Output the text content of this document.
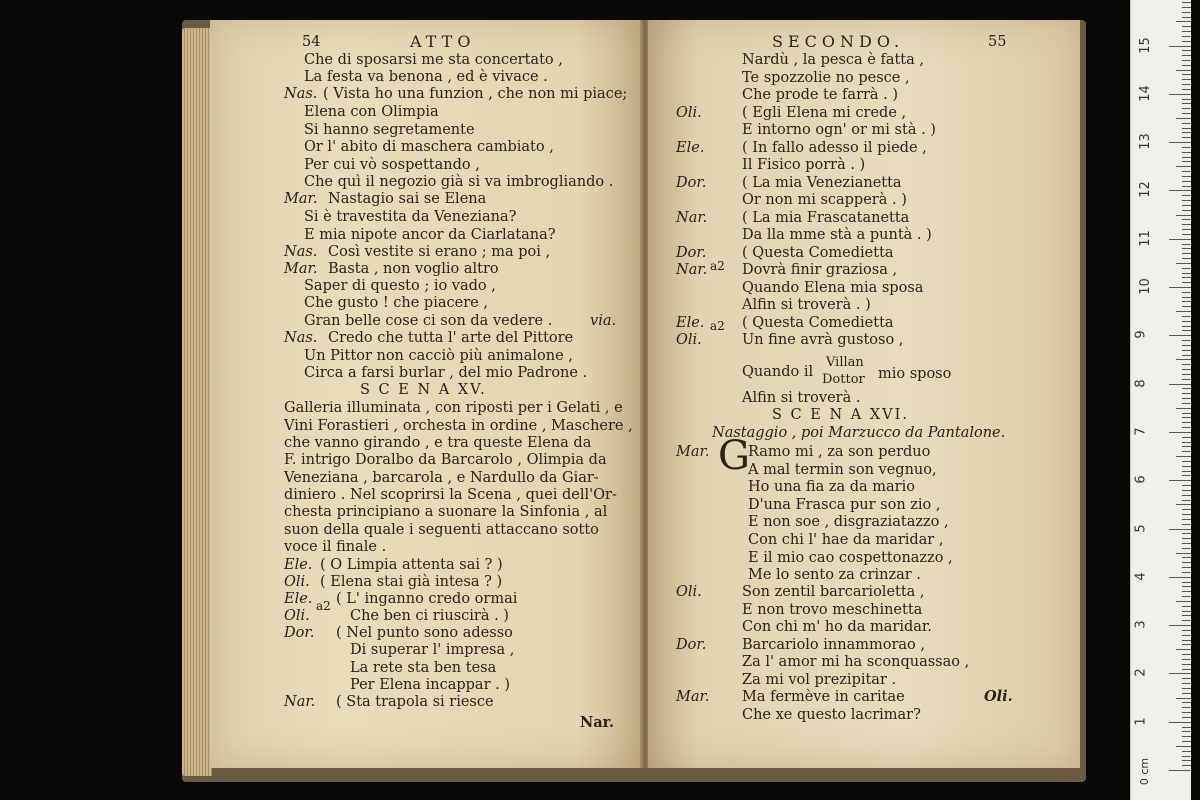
54	ATTO
Che di sposarsi me sta concertato ,
La festa va benona , ed è vivace .
Nas. ( Vista ho una funzion , che non mi piace;
Elena con Olimpia
Si hanno segretamente
Or l' abito di maschera cambiato ,
Per cui vò sospettando ,
Che quì il negozio già si va imbrogliando .
Mar. Nastagio sai se Elena
Si è travestita da Veneziana?
E mia nipote ancor da Ciarlatana?
Nas. Così vestite si erano ; ma poi ,
Mar. Basta , non voglio altro
Saper di questo ; io vado ,
Che gusto ! che piacere ,
Gran belle cose ci son da vedere .	via.
Nas. Credo che tutta l' arte del Pittore
Un Pittor non cacciò più animalone ,
Circa a farsi burlar , del mio Padrone .
S C E N A XV.
Galleria illuminata , con riposti per i Gelati , e
Vini Forastieri , orchesta in ordine , Maschere ,
che vanno girando , e tra queste Elena da
F. intrigo Doralbo da Barcarolo , Olimpia da
Veneziana , barcarola , e Nardullo da Giar-
diniero . Nel scoprirsi la Scena , quei dell'Or-
chesta principiano a suonare la Sinfonia , al
suon della quale i seguenti attaccano sotto
voce il finale .
Ele. ( O Limpia attenta sai ? )
Oli. ( Elena stai già intesa ? )
Ele. ( L' inganno credo ormai
a2
Oli.	Che ben ci riuscirà . )
Dor. ( Nel punto sono adesso
Di superar l' impresa ,
La rete sta ben tesa
Per Elena incappar . )
Nar. ( Sta trapola si riesce
Nar.
SECONDO.	55
Nardù , la pesca è fatta ,
Te spozzolie no pesce ,
Che prode te farrà . )
Oli.	( Egli Elena mi crede ,
E intorno ogn' or mi stà . )
Ele.	( In fallo adesso il piede ,
Il Fisico porrà . )
Dor. ( La mia Venezianetta
Or non mi scapperà . )
Nar. ( La mia Frascatanetta
Da lla mme stà a puntà . )
Dor. ( Questa Comedietta
Nar. Dovrà finir graziosa ,
Quando Elena mia sposa
Alfin si troverà . )
Ele.	( Questa Comedietta
Oli.	Un fine avrà gustoso ,
Quando il
Villan
Dottor mio sposo
Alfin si troverà .
a2
a2
S C E N A XVI.
Nastaggio , poi Marzucco da Pantalone.
Mar. G
Ramo mi , za son perduo
A mal termin son vegnuo,
Ho una fia za da mario
D'una Frasca pur son zio ,
E non soe , disgraziatazzo ,
Con chi l' hae da maridar ,
E il mio cao cospettonazzo ,
Me lo sento za crinzar .
Oli.	Son zentil barcarioletta ,
E non trovo meschinetta
Con chi m' ho da maridar.
Dor. Barcariolo innammorao ,
Za l' amor mi ha sconquassao ,
Za mi vol prezipitar .
Mar. Ma fermève in caritae
Che xe questo lacrimar?
Oli.
15
14
13
12
11
10
9
8
7
6
5
4
3
2
1
0 cm
